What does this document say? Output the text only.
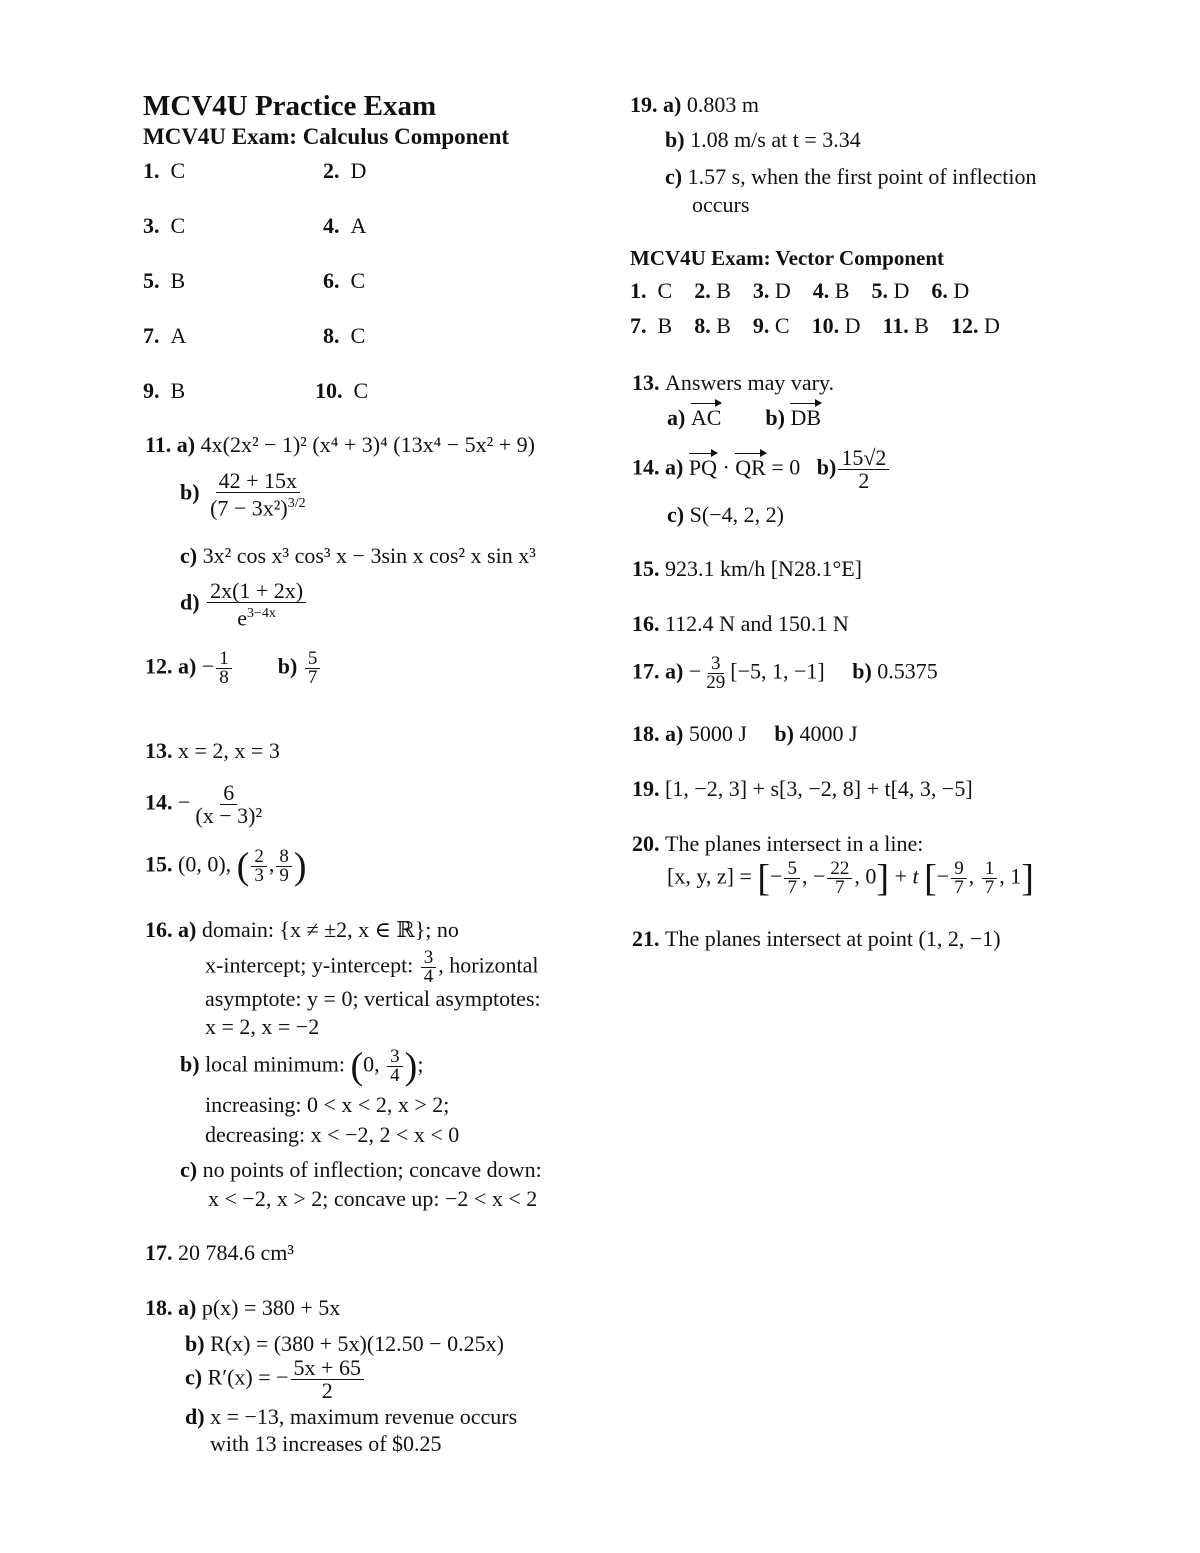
MCV4U Practice Exam
MCV4U Exam: Calculus Component
1. C	2. D
3. C	4. A
5. B	6. C
7. A	8. C
9. B	10. C
11. a) 4x(2x² − 1)² (x⁴ + 3)⁴ (13x⁴ − 5x² + 9)
$b) \frac{42 + 15x}{(7 - 3x^2)^{3/2}}$
c) 3x² cos x³ cos³ x − 3sin x cos² x sin x³
$d) \frac{2x(1 + 2x)}{e^{3-4x}}$
12. $a) - \frac{1}{8} b) \frac{5}{7}$
13. x = 2, x = 3
14. − $\frac{6}{\text{(x − 3)²}}$
15. (0, 0), ( $\frac{2}{3}$ , $\frac{8}{9}$ )
16. a) domain: {x ≠ ±2, x ∈ ℝ}; no
x-intercept; y-intercept: $\frac{3}{4}$ , horizontal
asymptote: y = 0; vertical asymptotes:
x = 2, x = −2
b) local minimum: (0, $\frac{3}{4}$ );
increasing: 0 < x < 2, x > 2;
decreasing: x < −2, 2 < x < 0
c) no points of inflection; concave down:
x < −2, x > 2; concave up: −2 < x < 2
17. 20 784.6 cm³
18. a) p(x) = 380 + 5x
b) R(x) = (380 + 5x)(12.50 − 0.25x)
c) R′(x) = − $\frac{5x + 65}{2}$
d) x = −13, maximum revenue occurs
with 13 increases of $0.25
19. a) 0.803 m
b) 1.08 m/s at t = 3.34
c) 1.57 s, when the first point of inflection
occurs
MCV4U Exam: Vector Component
1. C 2. B 3. D 4. B 5. D 6. D
7. B 8. B 9. C 10. D 11. B 12. D
13. Answers may vary.
a) AC b) DB
14. a) PQ · QR = 0 $b) \frac{15√2}{2}$
c) S(−4, 2, 2)
15. 923.1 km/h [N28.1°E]
16. 112.4 N and 150.1 N
17. $a) - \frac{3}{29} [-5$, 1, −1] b) 0.5375
18. a) 5000 J b) 4000 J
19. [1, −2, 3] + s[3, −2, 8] + t[4, 3, −5]
20. The planes intersect in a line:
[x, y, z] = [− $\frac{5}{7}$ , − $\frac{22}{7}$ , 0] + t [− $\frac{9}{7}$ , $\frac{1}{7}$ , 1]
21. The planes intersect at point (1, 2, −1)
